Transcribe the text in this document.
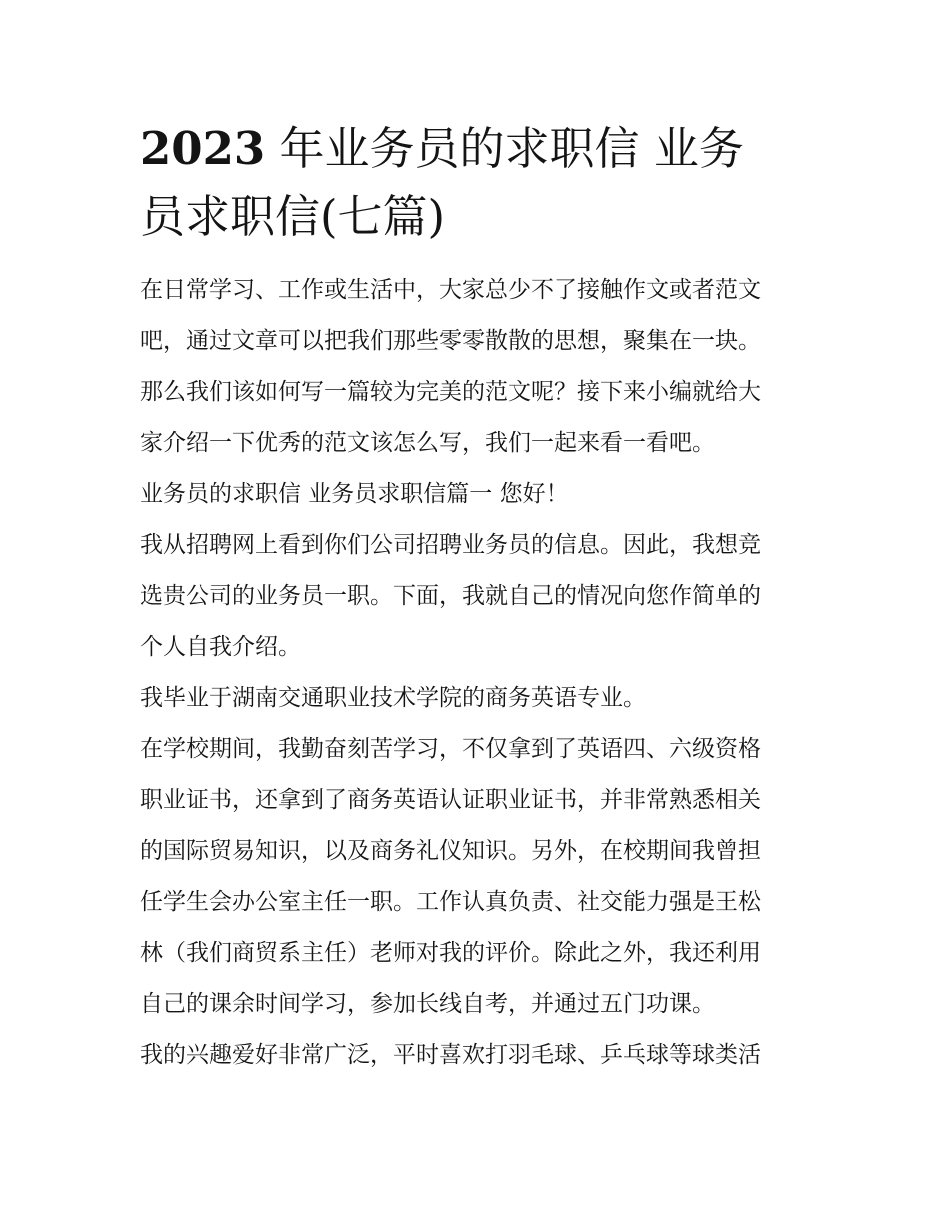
2023 年业务员的求职信 业务
员求职信(七篇)

在日常学习、工作或生活中，大家总少不了接触作文或者范文

吧，通过文章可以把我们那些零零散散的思想，聚集在一块。

那么我们该如何写一篇较为完美的范文呢？接下来小编就给大

家介绍一下优秀的范文该怎么写，我们一起来看一看吧。

业务员的求职信 业务员求职信篇一 您好！

我从招聘网上看到你们公司招聘业务员的信息。因此，我想竞

选贵公司的业务员一职。下面，我就自己的情况向您作简单的

个人自我介绍。

我毕业于湖南交通职业技术学院的商务英语专业。

在学校期间，我勤奋刻苦学习，不仅拿到了英语四、六级资格

职业证书，还拿到了商务英语认证职业证书，并非常熟悉相关

的国际贸易知识，以及商务礼仪知识。另外，在校期间我曾担

任学生会办公室主任一职。工作认真负责、社交能力强是王松

林（我们商贸系主任）老师对我的评价。除此之外，我还利用

自己的课余时间学习，参加长线自考，并通过五门功课。

我的兴趣爱好非常广泛，平时喜欢打羽毛球、乒乓球等球类活
